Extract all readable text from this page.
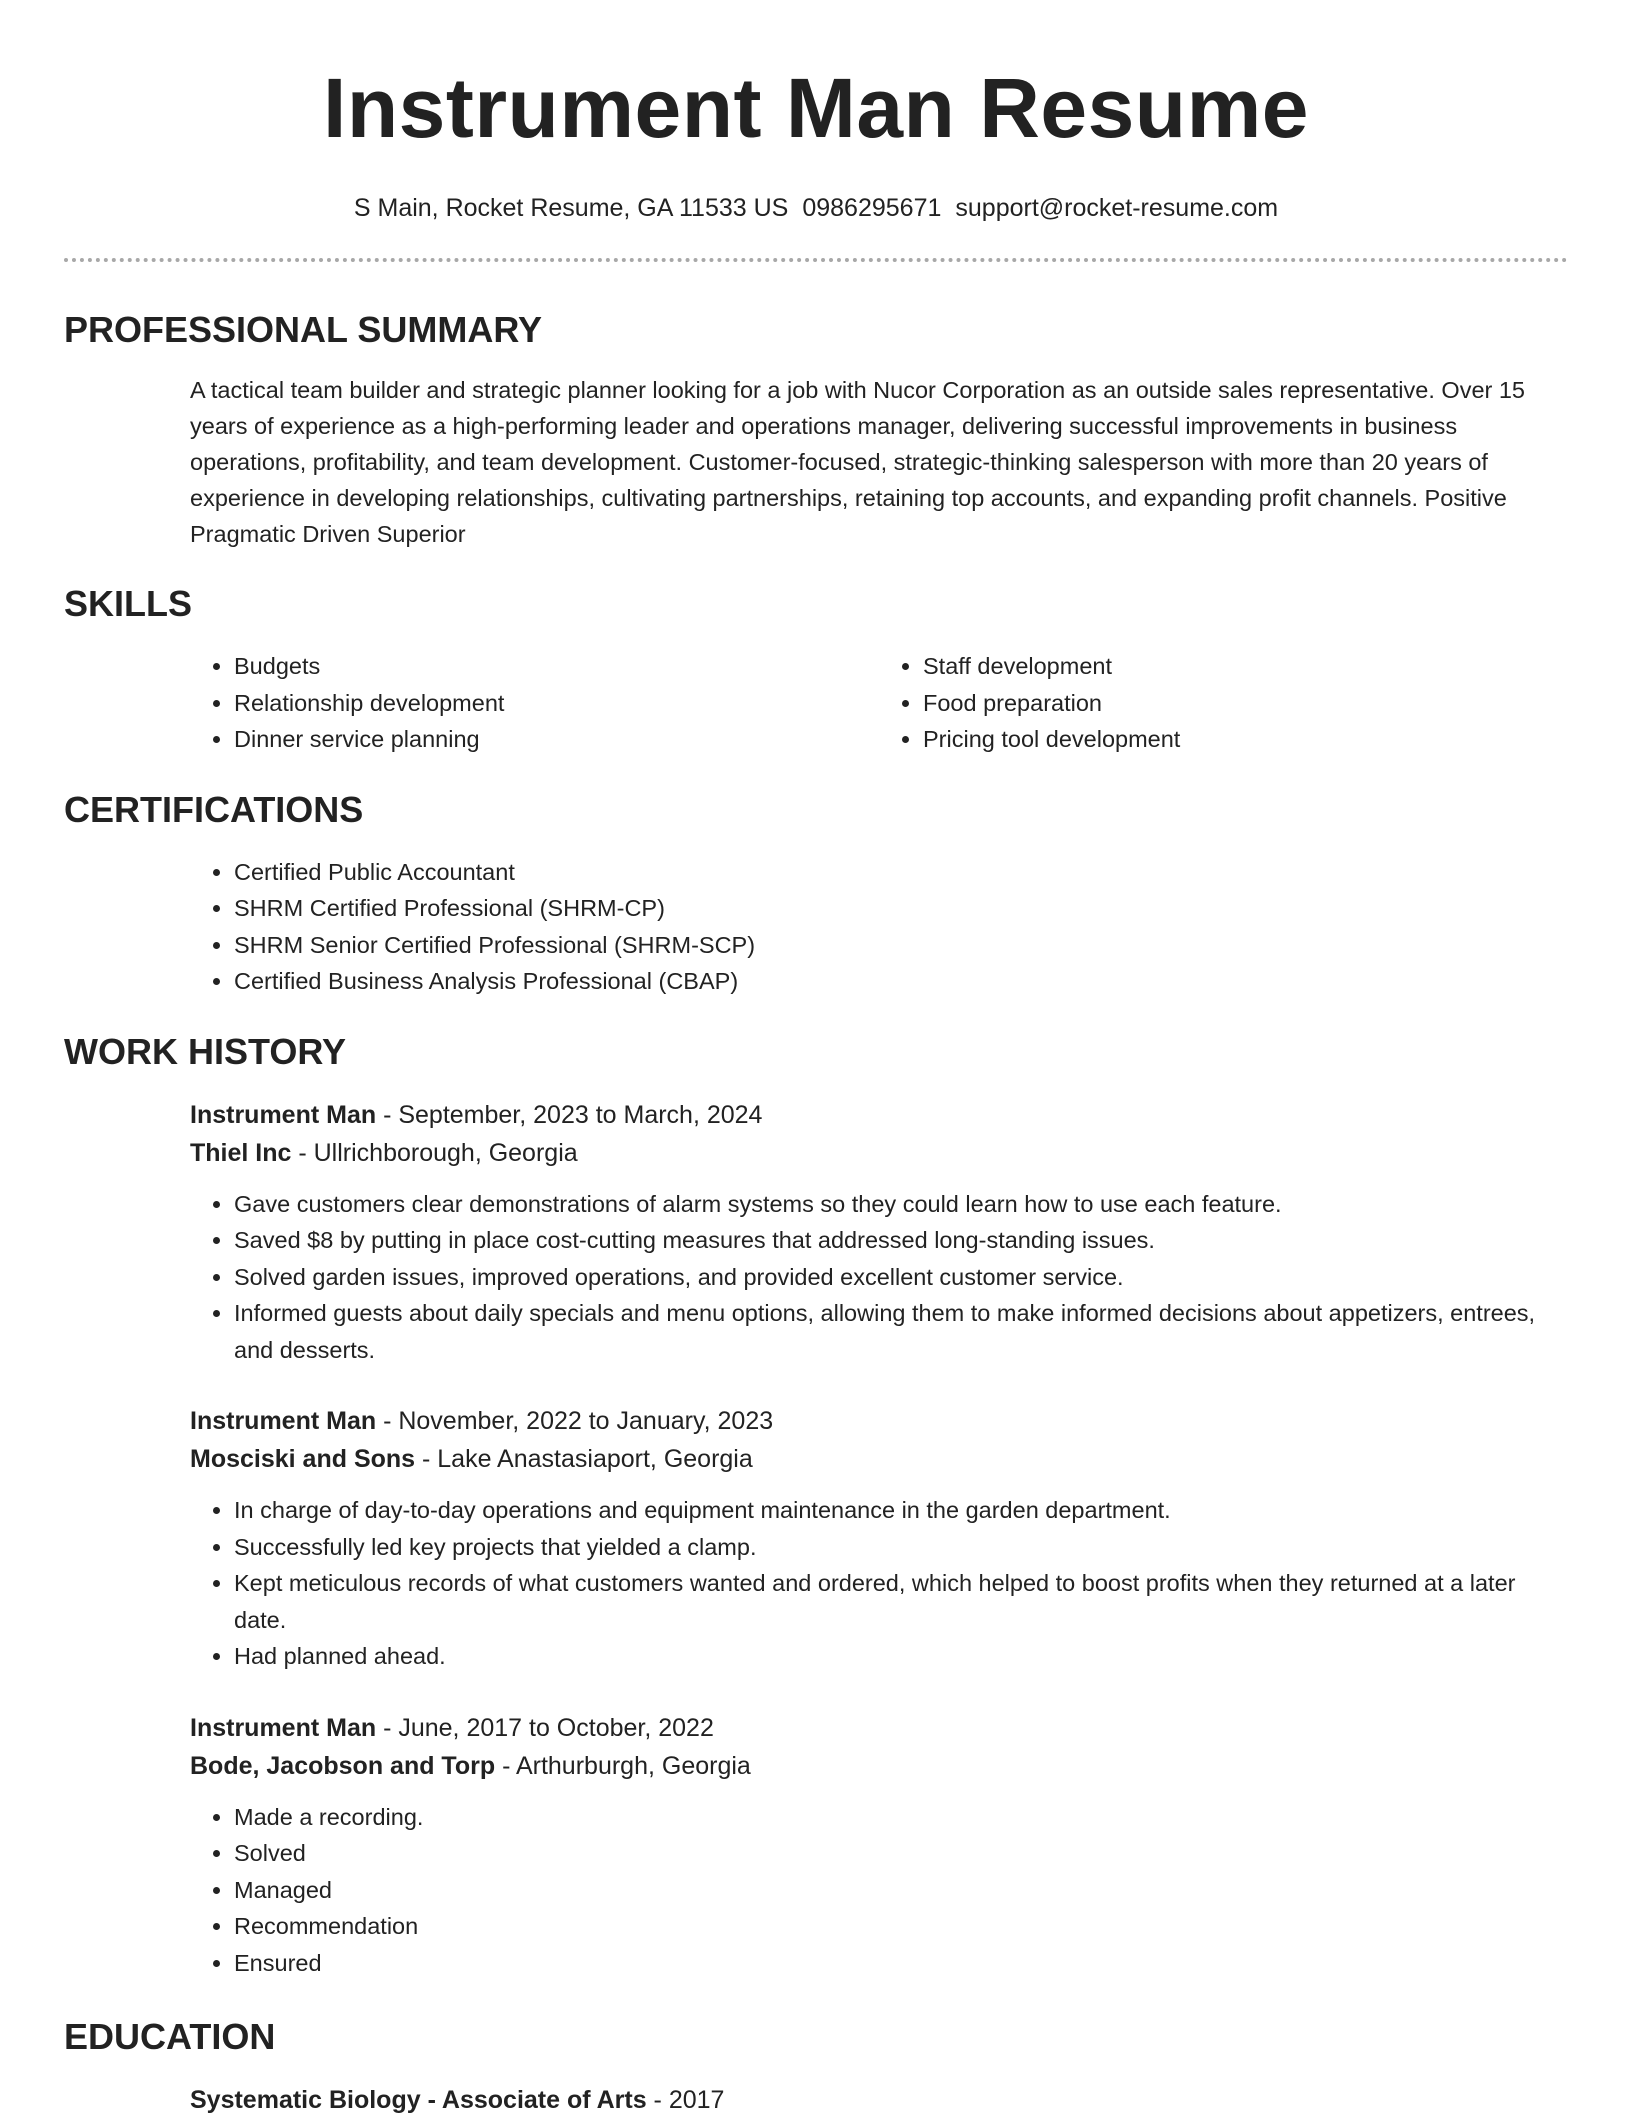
Instrument Man Resume
S Main, Rocket Resume, GA 11533 US 0986295671 support@rocket-resume.com
PROFESSIONAL SUMMARY
A tactical team builder and strategic planner looking for a job with Nucor Corporation as an outside sales representative. Over 15 years of experience as a high-performing leader and operations manager, delivering successful improvements in business operations, profitability, and team development. Customer-focused, strategic-thinking salesperson with more than 20 years of experience in developing relationships, cultivating partnerships, retaining top accounts, and expanding profit channels. Positive Pragmatic Driven Superior
SKILLS
• Budgets
• Relationship development
• Dinner service planning
• Staff development
• Food preparation
• Pricing tool development
CERTIFICATIONS
• Certified Public Accountant
• SHRM Certified Professional (SHRM-CP)
• SHRM Senior Certified Professional (SHRM-SCP)
• Certified Business Analysis Professional (CBAP)
WORK HISTORY
Instrument Man - September, 2023 to March, 2024
Thiel Inc - Ullrichborough, Georgia
• Gave customers clear demonstrations of alarm systems so they could learn how to use each feature.
• Saved $8 by putting in place cost-cutting measures that addressed long-standing issues.
• Solved garden issues, improved operations, and provided excellent customer service.
• Informed guests about daily specials and menu options, allowing them to make informed decisions about appetizers, entrees, and desserts.
Instrument Man - November, 2022 to January, 2023
Mosciski and Sons - Lake Anastasiaport, Georgia
• In charge of day-to-day operations and equipment maintenance in the garden department.
• Successfully led key projects that yielded a clamp.
• Kept meticulous records of what customers wanted and ordered, which helped to boost profits when they returned at a later date.
• Had planned ahead.
Instrument Man - June, 2017 to October, 2022
Bode, Jacobson and Torp - Arthurburgh, Georgia
• Made a recording.
• Solved
• Managed
• Recommendation
• Ensured
EDUCATION
Systematic Biology - Associate of Arts - 2017
